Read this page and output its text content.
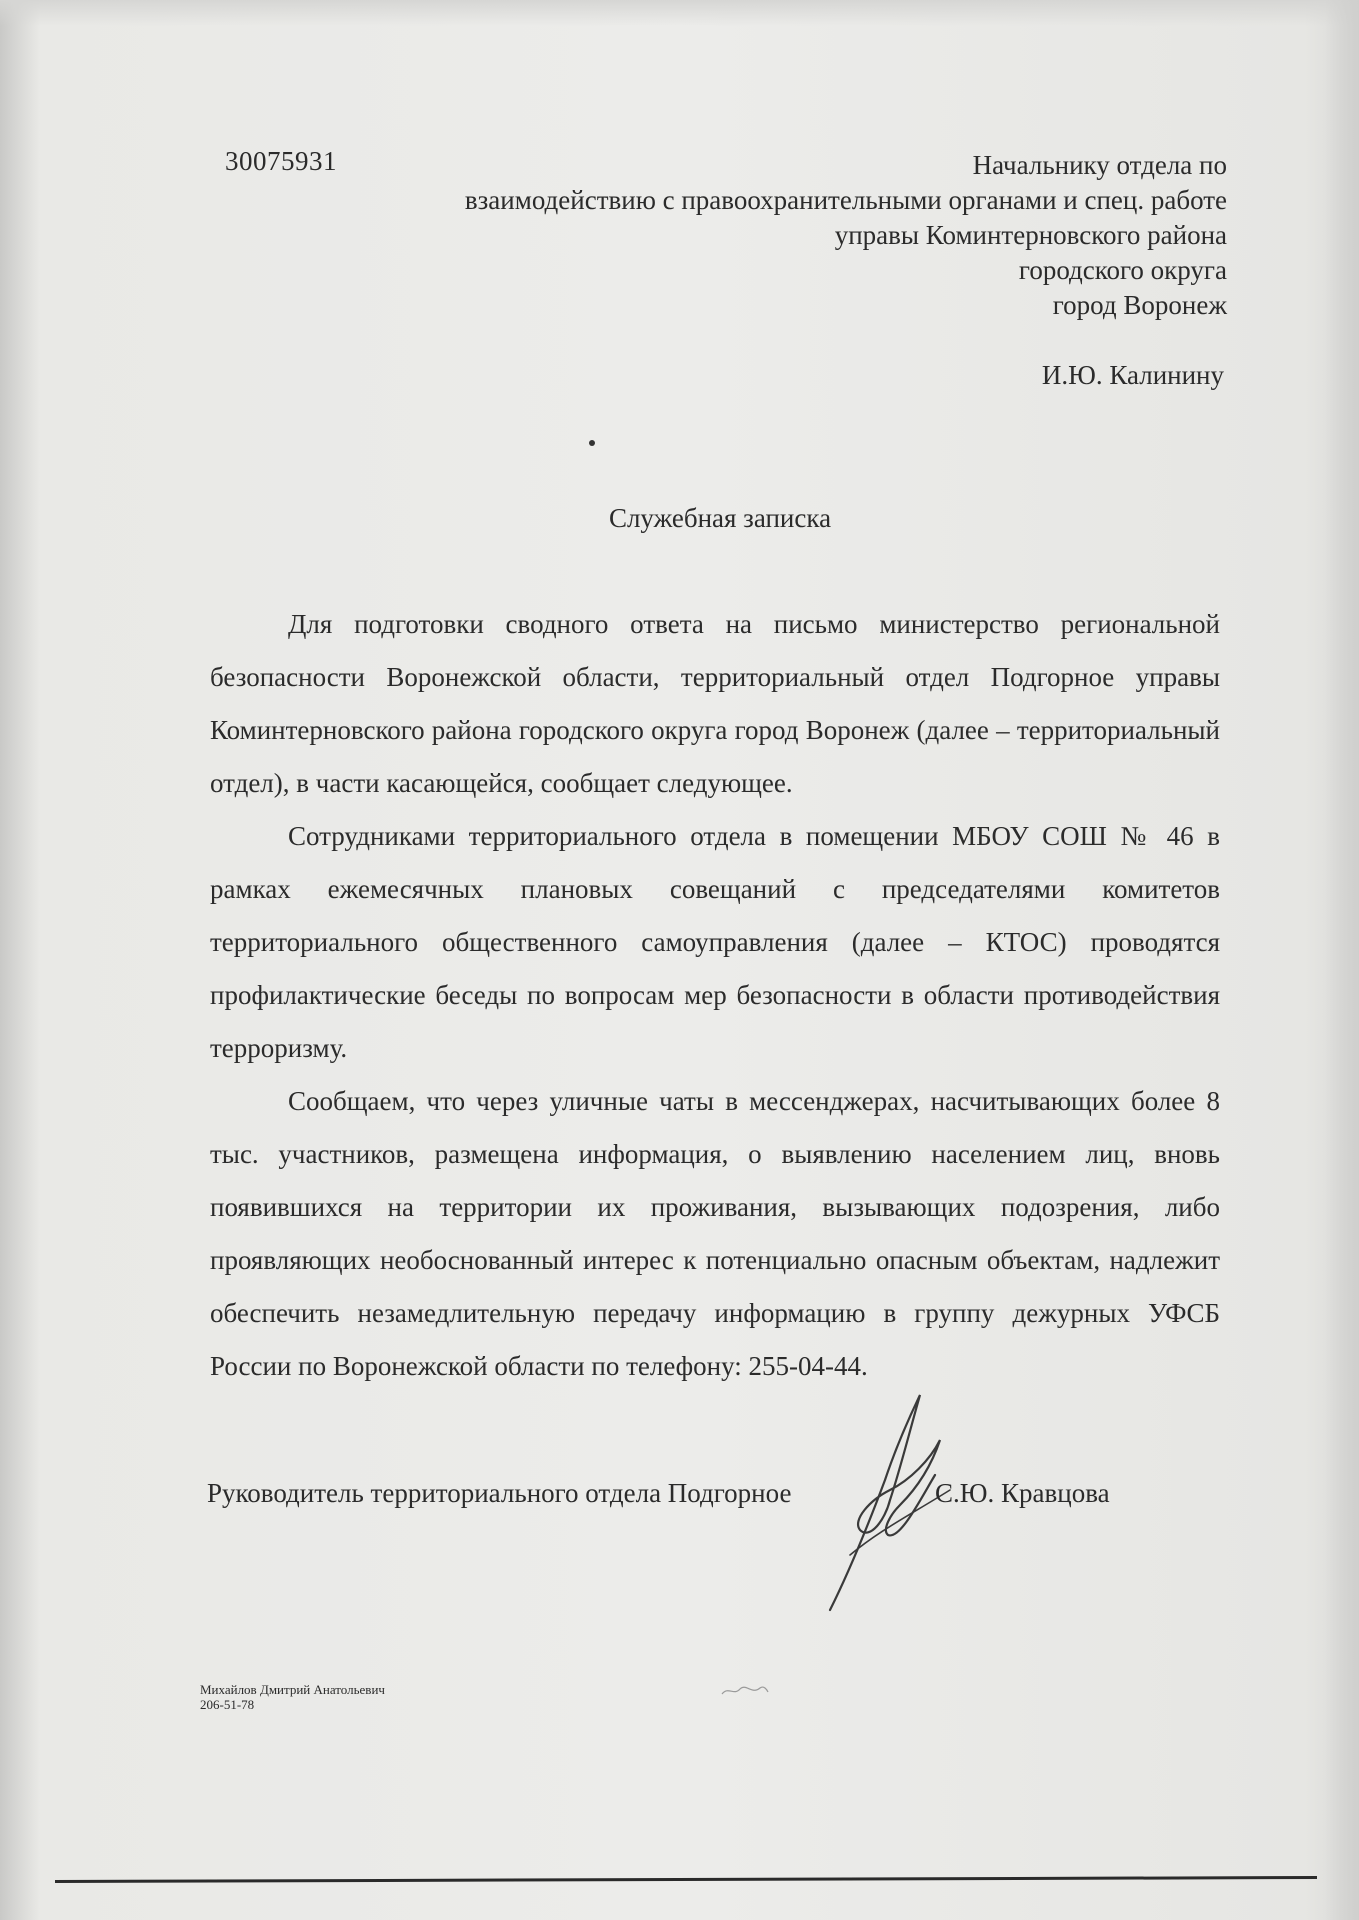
30075931	Начальнику отдела по
взаимодействию с правоохранительными органами и спец. работе
управы Коминтерновского района
городского округа
город Воронеж
И.Ю. Калинину
Служебная записка

Для подготовки сводного ответа на письмо министерство региональной безопасности Воронежской области, территориальный отдел Подгорное управы Коминтерновского района городского округа город Воронеж (далее – территориальный отдел), в части касающейся, сообщает следующее.

Сотрудниками территориального отдела в помещении МБОУ СОШ № 46 в рамках ежемесячных плановых совещаний с председателями комитетов территориального общественного самоуправления (далее – КТОС) проводятся профилактические беседы по вопросам мер безопасности в области противодействия терроризму.

Сообщаем, что через уличные чаты в мессенджерах, насчитывающих более 8 тыс. участников, размещена информация, о выявлению населением лиц, вновь появившихся на территории их проживания, вызывающих подозрения, либо проявляющих необоснованный интерес к потенциально опасным объектам, надлежит обеспечить незамедлительную передачу информацию в группу дежурных УФСБ России по Воронежской области по телефону: 255-04-44.

Руководитель территориального отдела Подгорное	С.Ю. Кравцова
Михайлов Дмитрий Анатольевич
206-51-78
